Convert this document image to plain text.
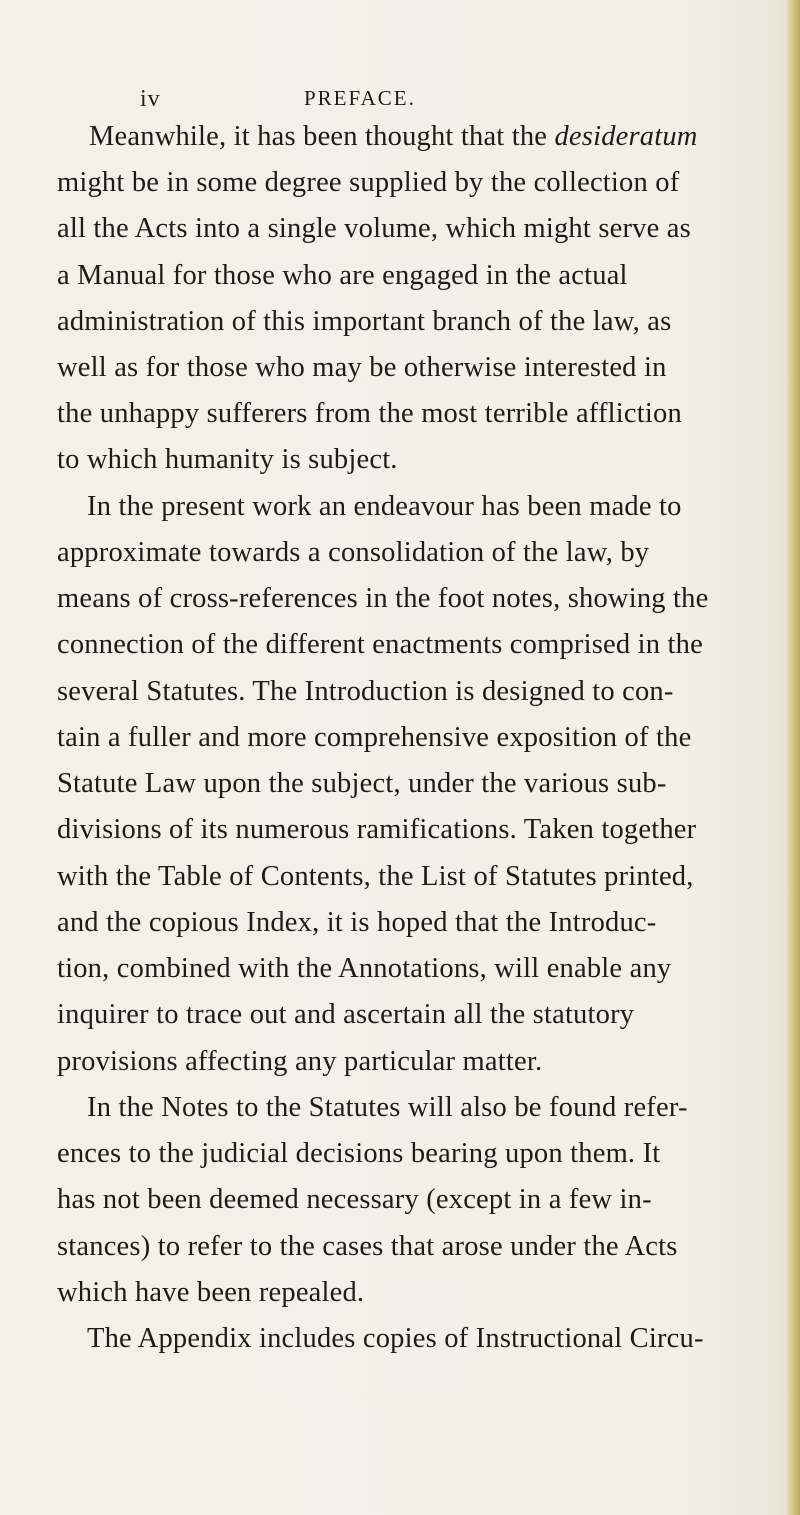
iv	PREFACE.
Meanwhile, it has been thought that the desideratum
might be in some degree supplied by the collection of
all the Acts into a single volume, which might serve as
a Manual for those who are engaged in the actual
administration of this important branch of the law, as
well as for those who may be otherwise interested in
the unhappy sufferers from the most terrible affliction
to which humanity is subject.
In the present work an endeavour has been made to
approximate towards a consolidation of the law, by
means of cross-references in the foot notes, showing the
connection of the different enactments comprised in the
several Statutes. The Introduction is designed to con-
tain a fuller and more comprehensive exposition of the
Statute Law upon the subject, under the various sub-
divisions of its numerous ramifications. Taken together
with the Table of Contents, the List of Statutes printed,
and the copious Index, it is hoped that the Introduc-
tion, combined with the Annotations, will enable any
inquirer to trace out and ascertain all the statutory
provisions affecting any particular matter.
In the Notes to the Statutes will also be found refer-
ences to the judicial decisions bearing upon them. It
has not been deemed necessary (except in a few in-
stances) to refer to the cases that arose under the Acts
which have been repealed.
The Appendix includes copies of Instructional Circu-
